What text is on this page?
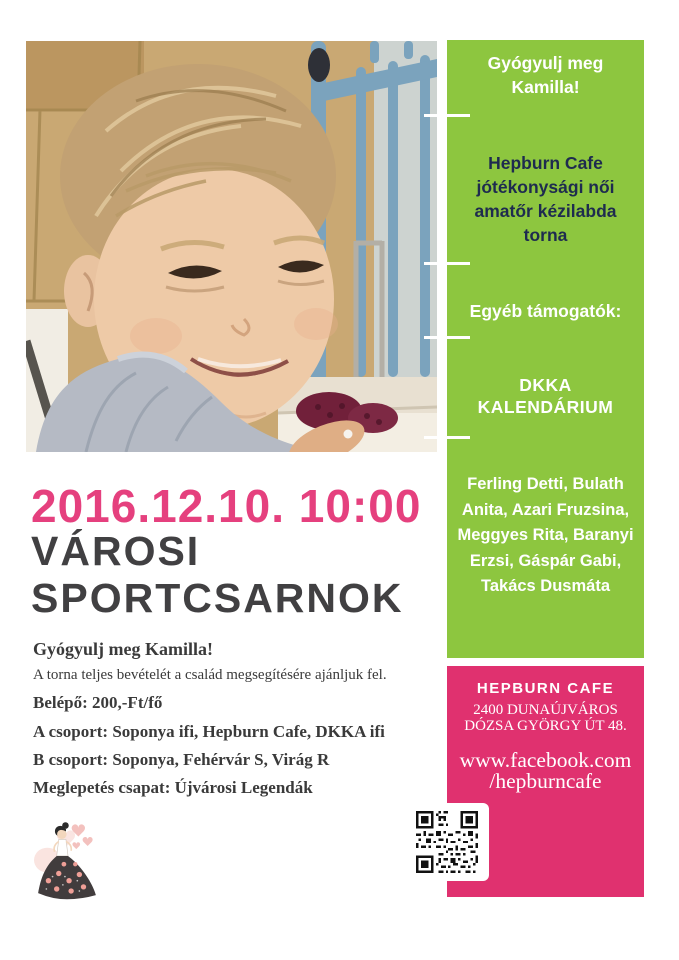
Gyógyulj meg Kamilla!
Hepburn Cafe jótékonysági női amatőr kézilabda torna
Egyéb támogatók:
DKKA KALENDÁRIUM
Ferling Detti, Bulath Anita, Azari Fruzsina, Meggyes Rita, Baranyi Erzsi, Gáspár Gabi, Takács Dusmáta
HEPBURN CAFE
2400 DUNAÚJVÁROS
DÓZSA GYÖRGY ÚT 48.
www.facebook.com
/hepburncafe
2016.12.10. 10:00
VÁROSI
SPORTCSARNOK
Gyógyulj meg Kamilla!
A torna teljes bevételét a család megsegítésére ajánljuk fel.
Belépő: 200,-Ft/fő
A csoport: Soponya ifi, Hepburn Cafe, DKKA ifi
B csoport: Soponya, Fehérvár S, Virág R
Meglepetés csapat: Újvárosi Legendák
